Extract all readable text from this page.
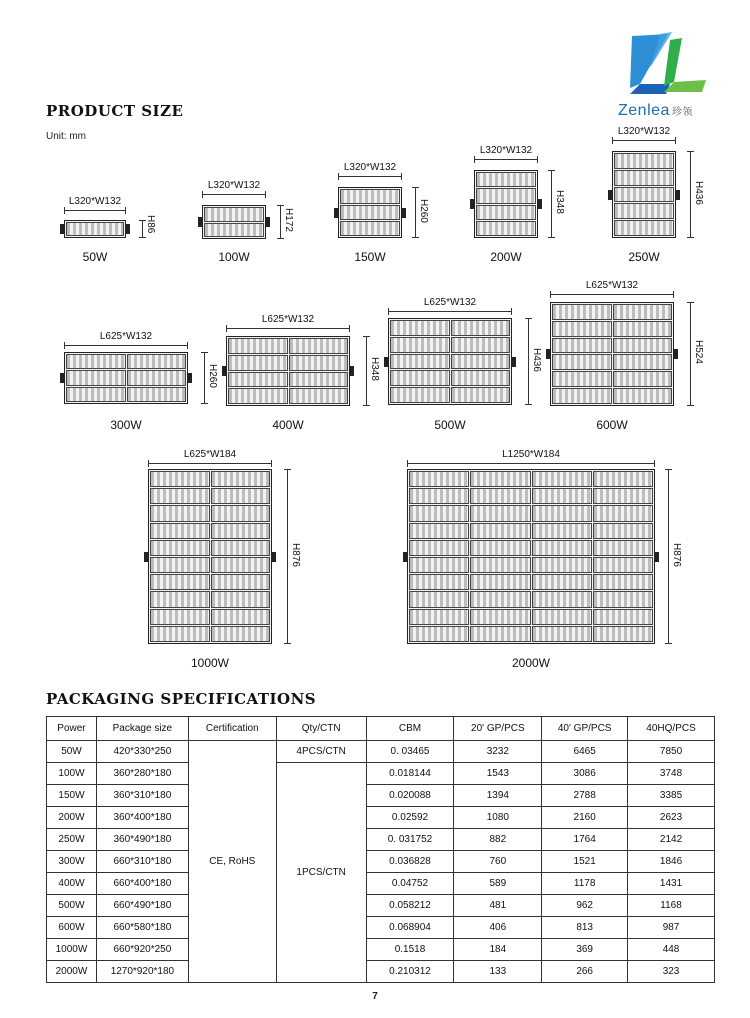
Zenlea 珍领
PRODUCT SIZE
Unit: mm
L320*W132
H86
50W
L320*W132
H172
100W
L320*W132
H260
150W
L320*W132
H348
200W
L320*W132
H436
250W
L625*W132
H260
300W
L625*W132
H348
400W
L625*W132
H436
500W
L625*W132
H524
600W
L625*W184
H876
1000W
L1250*W184
H876
2000W
PACKAGING SPECIFICATIONS
Power	Package size	Certification	Qty/CTN	CBM	20' GP/PCS	40' GP/PCS	40HQ/PCS
50W	420*330*250	CE, RoHS	4PCS/CTN	0. 03465	3232	6465	7850
100W	360*280*180		1PCS/CTN	0.018144	1543	3086	3748
150W	360*310*180			0.020088	1394	2788	3385
200W	360*400*180			0.02592	1080	2160	2623
250W	360*490*180			0. 031752	882	1764	2142
300W	660*310*180			0.036828	760	1521	1846
400W	660*400*180			0.04752	589	1178	1431
500W	660*490*180			0.058212	481	962	1168
600W	660*580*180			0.068904	406	813	987
1000W	660*920*250			0.1518	184	369	448
2000W	1270*920*180			0.210312	133	266	323
7
